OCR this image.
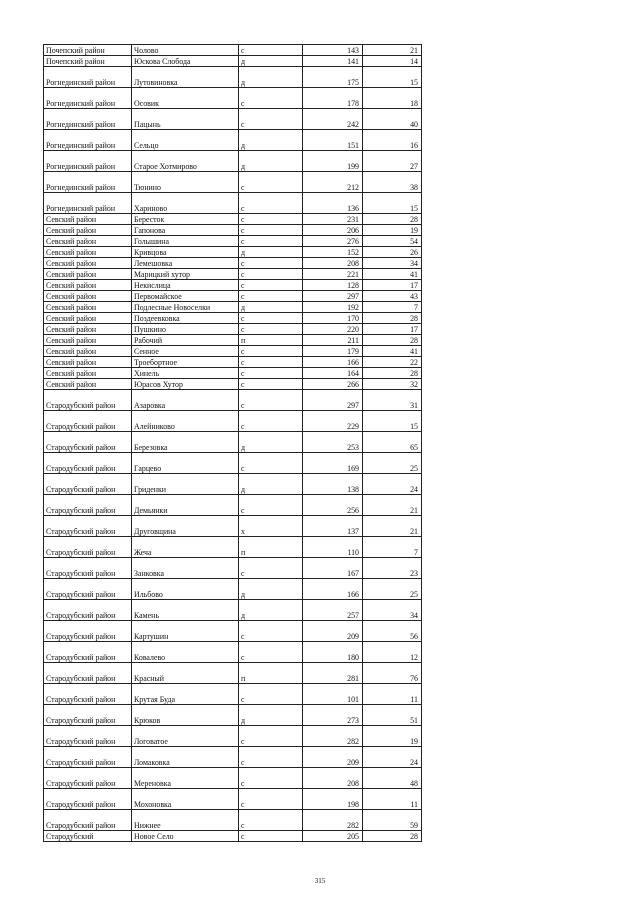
Почепский район	Чолово	с	143	21
Почепский район	Юскова Слобода	д	141	14
Рогнединский район	Лутовиновка	д	175	15
Рогнединский район	Осовик	с	178	18
Рогнединский район	Пацынь	с	242	40
Рогнединский район	Сельцо	д	151	16
Рогнединский район	Старое Хотмирово	д	199	27
Рогнединский район	Тюнино	с	212	38
Рогнединский район	Хариново	с	136	15
Севский район	Бересток	с	231	28
Севский район	Гапонова	с	206	19
Севский район	Голышина	с	276	54
Севский район	Кривцова	д	152	26
Севский район	Лемешовка	с	208	34
Севский район	Марицкий хутор	с	221	41
Севский район	Некислица	с	128	17
Севский район	Первомайское	с	297	43
Севский район	Подлесные Новоселки	д	192	7
Севский район	Поздеевковка	с	170	28
Севский район	Пушкино	с	220	17
Севский район	Рабочий	п	211	28
Севский район	Сенное	с	179	41
Севский район	Троебортное	с	166	22
Севский район	Хинель	с	164	28
Севский район	Юрасов Хутор	с	266	32
Стародубский район	Азаровка	с	297	31
Стародубский район	Алейниково	с	229	15
Стародубский район	Березовка	д	253	65
Стародубский район	Гарцево	с	169	25
Стародубский район	Гриденки	д	138	24
Стародубский район	Демьянки	с	256	21
Стародубский район	Друговщина	х	137	21
Стародубский район	Жеча	п	110	7
Стародубский район	Занковка	с	167	23
Стародубский район	Ильбово	д	166	25
Стародубский район	Камень	д	257	34
Стародубский район	Картушин	с	209	56
Стародубский район	Ковалево	с	180	12
Стародубский район	Красный	п	281	76
Стародубский район	Крутая Буда	с	101	11
Стародубский район	Крюков	д	273	51
Стародубский район	Логоватое	с	282	19
Стародубский район	Ломаковка	с	209	24
Стародубский район	Мереновка	с	208	48
Стародубский район	Мохоновка	с	198	11
Стародубский район	Нижнее	с	282	59
Стародубский	Новое Село	с	205	28
315
